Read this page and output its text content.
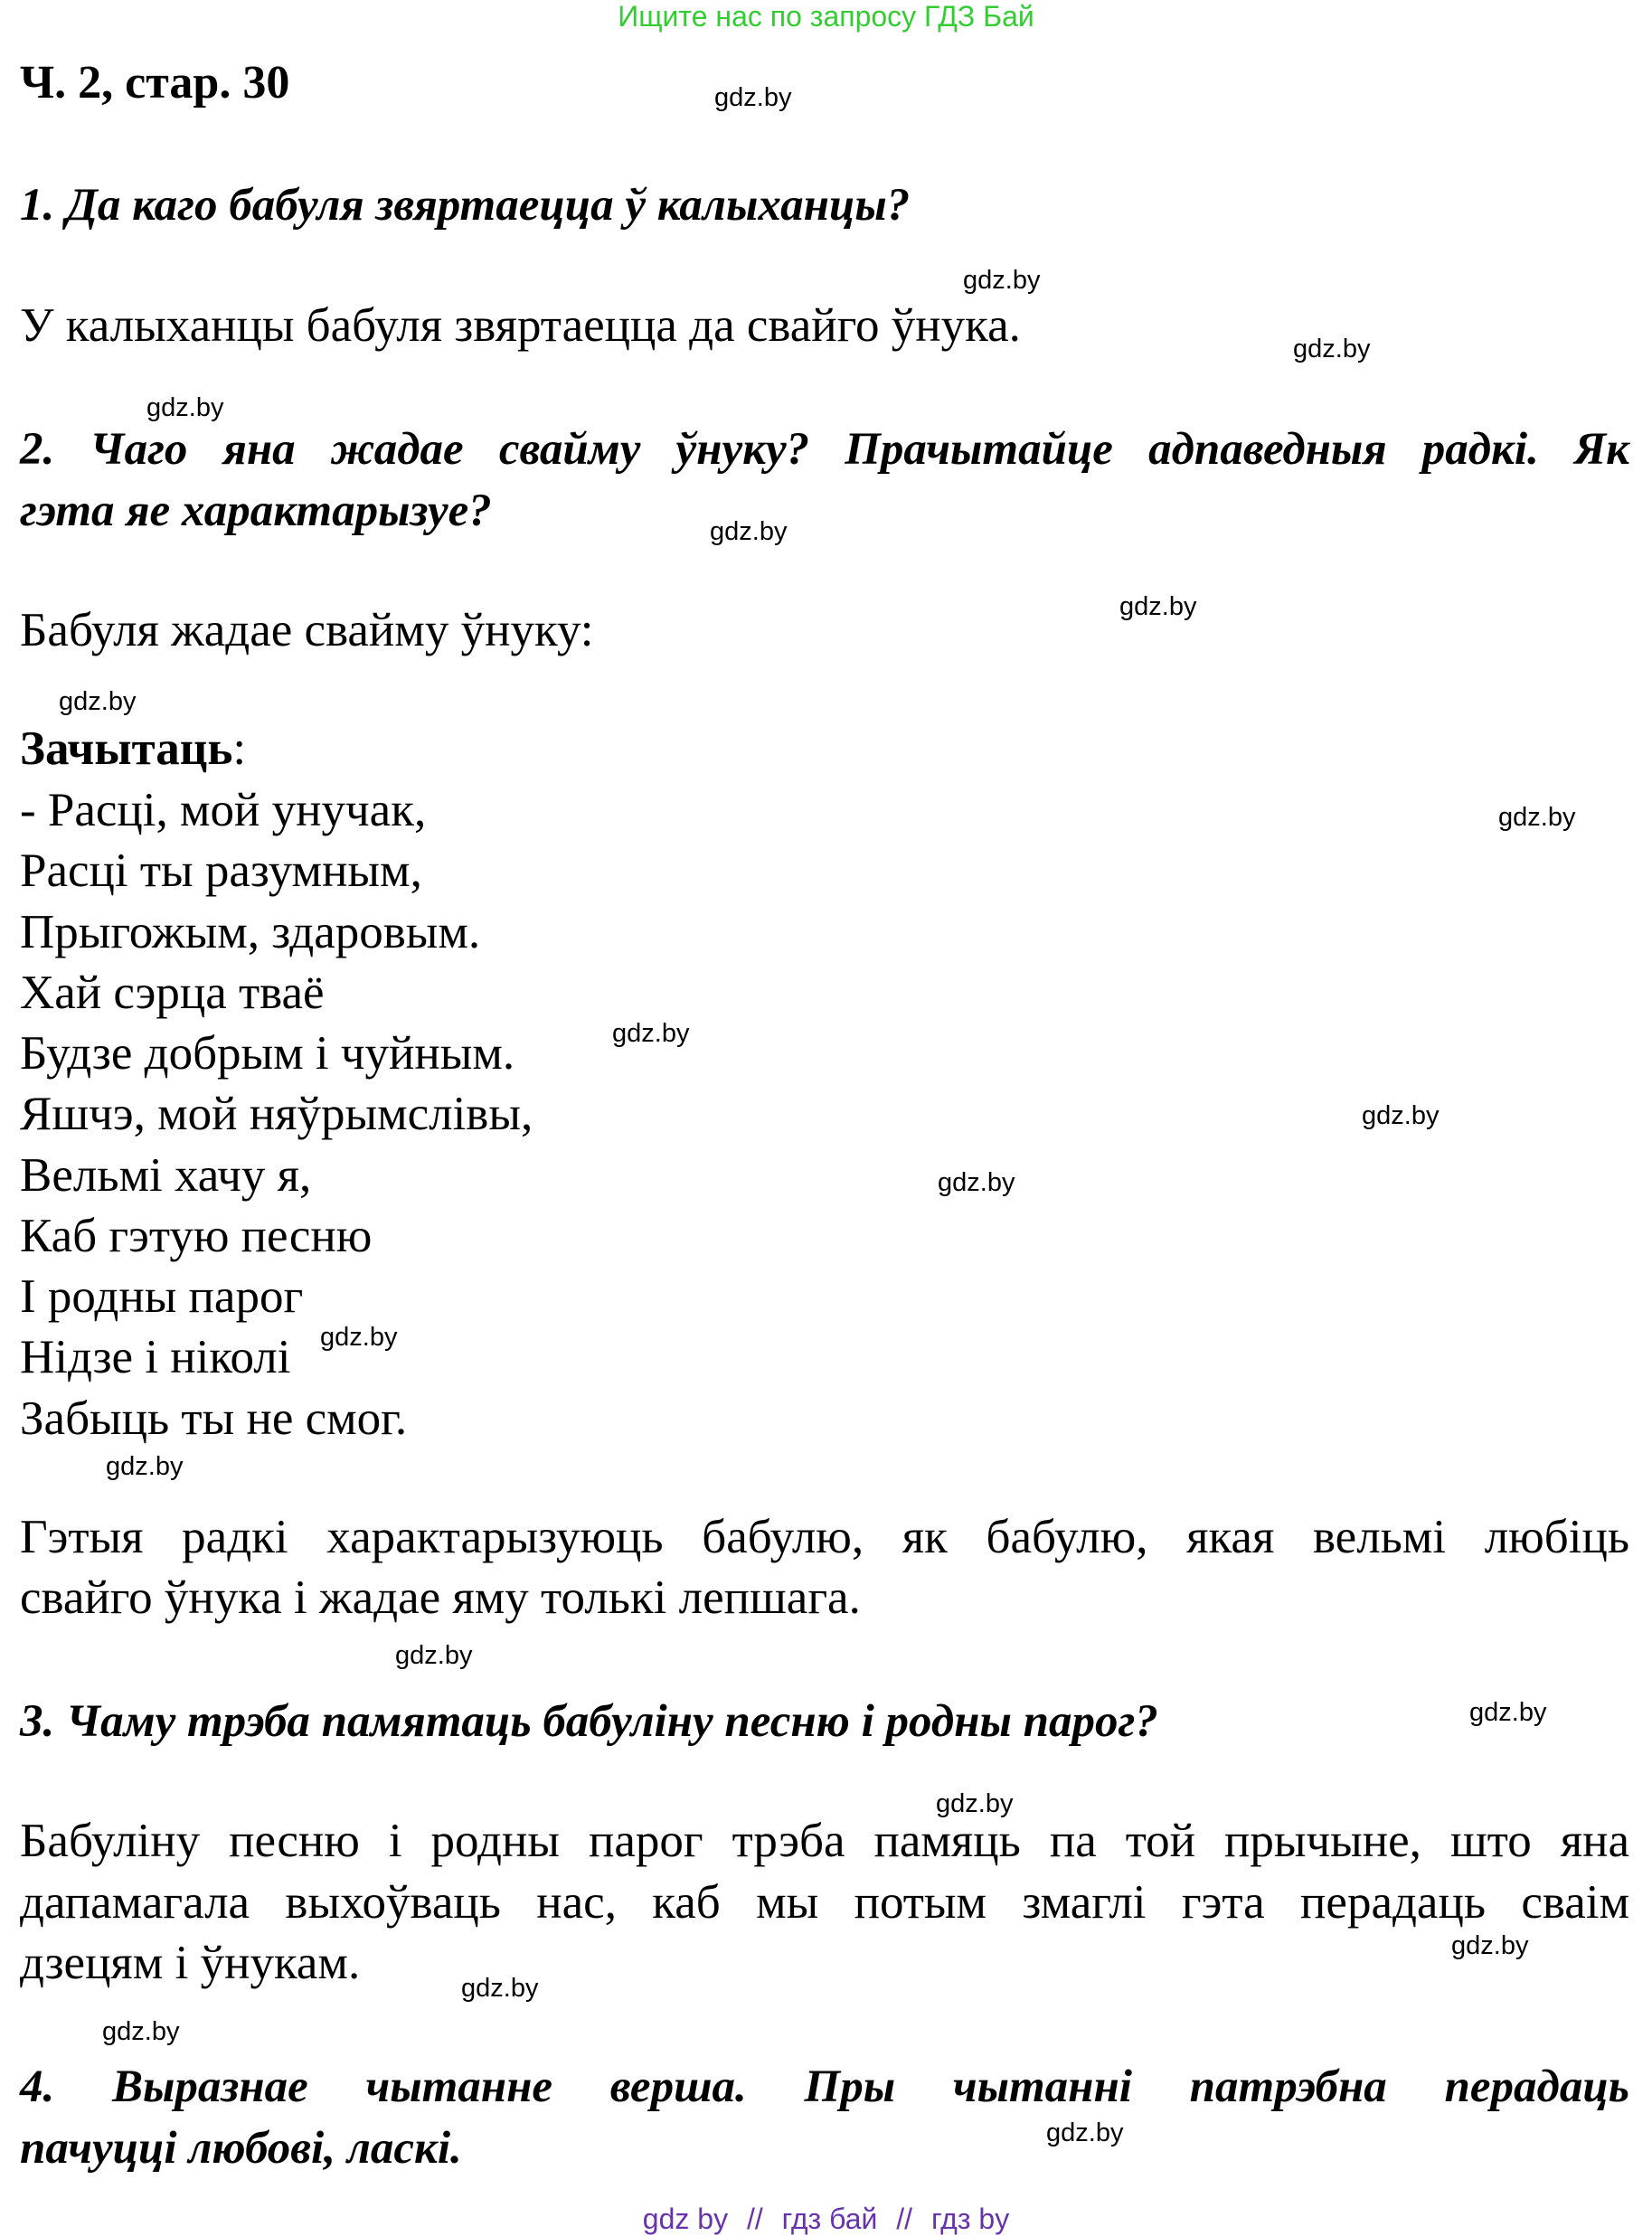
Ищите нас по запросу ГДЗ Бай
Ч. 2, стар. 30
1. Да каго бабуля звяртаецца ў калыханцы?
У калыханцы бабуля звяртаецца да свайго ўнука.
2. Чаго яна жадае свайму ўнуку? Прачытайце адпаведныя радкі. Як
гэта яе характарызуе?
Бабуля жадае свайму ўнуку:
Зачытаць:
- Расці, мой унучак,
Расці ты разумным,
Прыгожым, здаровым.
Хай сэрца тваё
Будзе добрым і чуйным.
Яшчэ, мой няўрымслівы,
Вельмі хачу я,
Каб гэтую песню
І родны парог
Нідзе і ніколі
Забыць ты не смог.
Гэтыя радкі характарызуюць бабулю, як бабулю, якая вельмі любіць
свайго ўнука і жадае яму толькі лепшага.
3. Чаму трэба памятаць бабуліну песню і родны парог?
Бабуліну песню і родны парог трэба памяць па той прычыне, што яна
дапамагала выхоўваць нас, каб мы потым змаглі гэта перадаць сваім
дзецям і ўнукам.
4. Выразнае чытанне верша. Пры чытанні патрэбна перадаць
пачуцці любові, ласкі.
gdz.by
gdz.by
gdz.by
gdz.by
gdz.by
gdz.by
gdz.by
gdz.by
gdz.by
gdz.by
gdz.by
gdz.by
gdz.by
gdz.by
gdz.by
gdz.by
gdz.by
gdz.by
gdz.by
gdz.by
gdz by // гдз бай // гдз by
